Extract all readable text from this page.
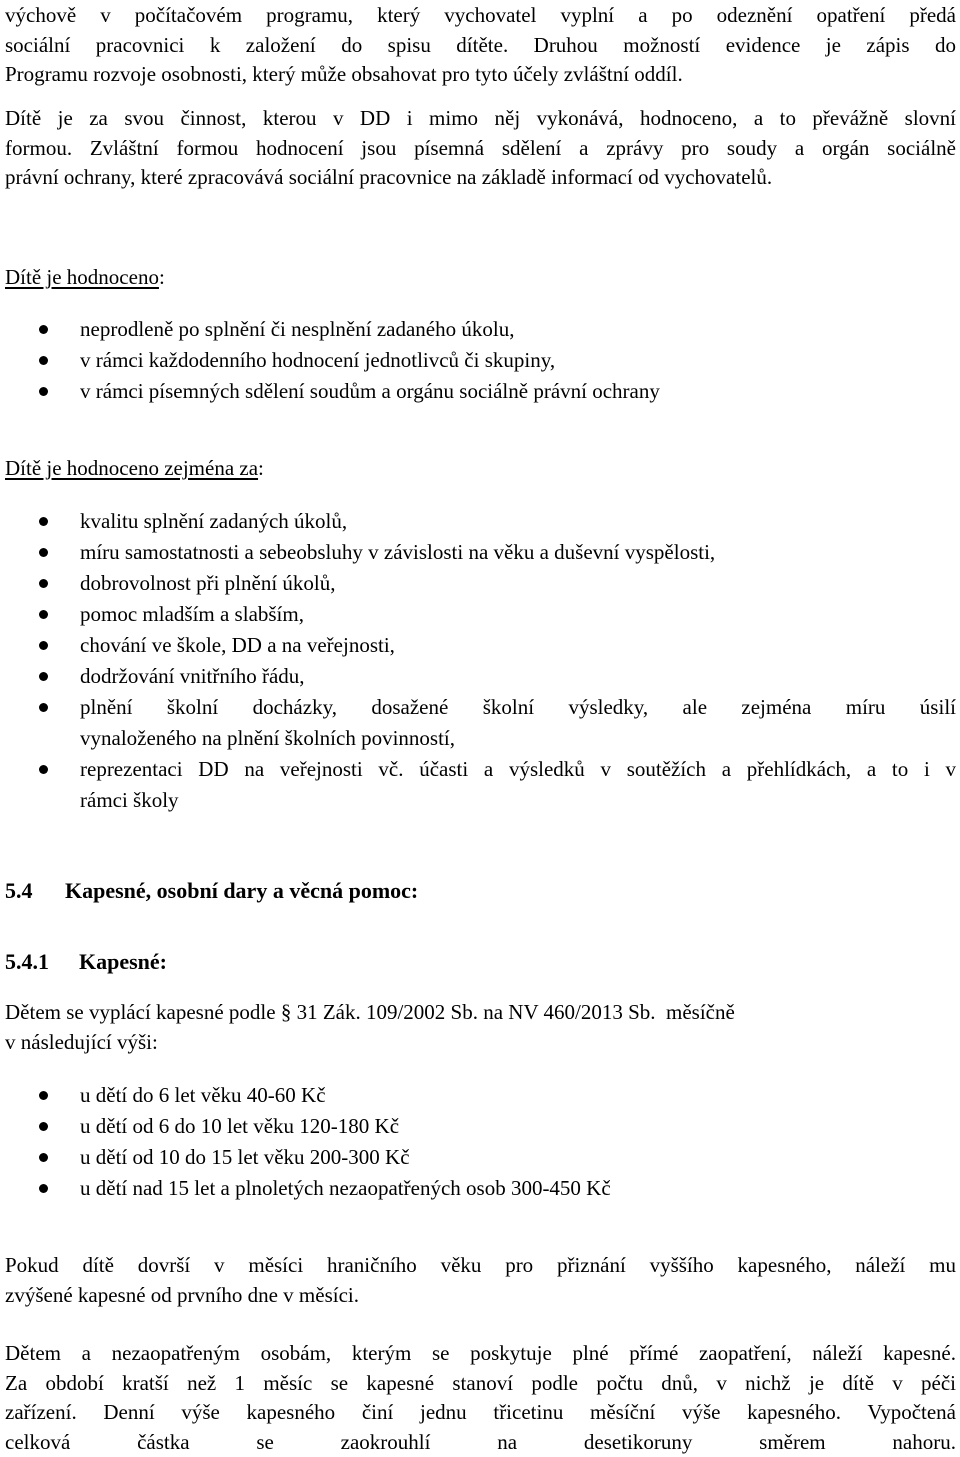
výchově v počítačovém programu, který vychovatel vyplní a po odeznění opatření předá
sociální pracovnici k založení do spisu dítěte. Druhou možností evidence je zápis do
Programu rozvoje osobnosti, který může obsahovat pro tyto účely zvláštní oddíl.

Dítě je za svou činnost, kterou v DD i mimo něj vykonává, hodnoceno, a to převážně slovní
formou. Zvláštní formou hodnocení jsou písemná sdělení a zprávy pro soudy a orgán sociálně
právní ochrany, které zpracovává sociální pracovnice na základě informací od vychovatelů.

Dítě je hodnoceno:

neprodleně po splnění či nesplnění zadaného úkolu,
v rámci každodenního hodnocení jednotlivců či skupiny,
v rámci písemných sdělení soudům a orgánu sociálně právní ochrany

Dítě je hodnoceno zejména za:

kvalitu splnění zadaných úkolů,
míru samostatnosti a sebeobsluhy v závislosti na věku a duševní vyspělosti,
dobrovolnost při plnění úkolů,
pomoc mladším a slabším,
chování ve škole, DD a na veřejnosti,
dodržování vnitřního řádu,
plnění školní docházky, dosažené školní výsledky, ale zejména míru úsilí
vynaloženého na plnění školních povinností,
reprezentaci DD na veřejnosti vč. účasti a výsledků v soutěžích a přehlídkách, a to i v
rámci školy
5.4 Kapesné, osobní dary a věcná pomoc:
5.4.1 Kapesné:

Dětem se vyplácí kapesné podle § 31 Zák. 109/2002 Sb. na NV 460/2013 Sb.  měsíčně
v následující výši:

u dětí do 6 let věku 40-60 Kč
u dětí od 6 do 10 let věku 120-180 Kč
u dětí od 10 do 15 let věku 200-300 Kč
u dětí nad 15 let a plnoletých nezaopatřených osob 300-450 Kč

Pokud dítě dovrší v měsíci hraničního věku pro přiznání vyššího kapesného, náleží mu
zvýšené kapesné od prvního dne v měsíci.

Dětem a nezaopatřeným osobám, kterým se poskytuje plné přímé zaopatření, náleží kapesné.
Za období kratší než 1 měsíc se kapesné stanoví podle počtu dnů, v nichž je dítě v péči
zařízení. Denní výše kapesného činí jednu třicetinu měsíční výše kapesného. Vypočtená
celková částka se zaokrouhlí na desetikoruny směrem nahoru.
